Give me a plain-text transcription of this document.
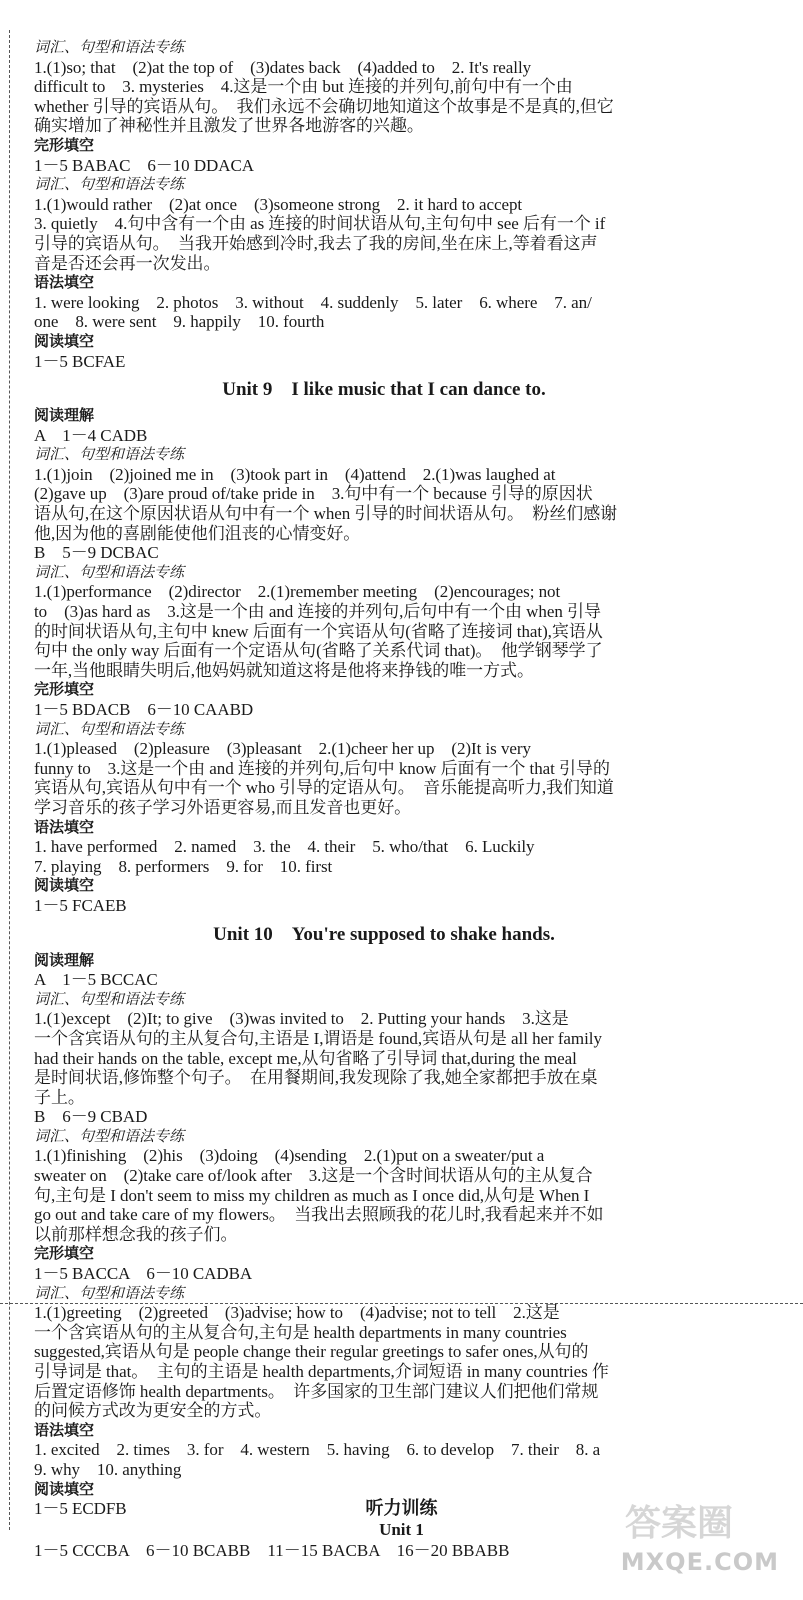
词汇、句型和语法专练
1.(1)so; that　(2)at the top of　(3)dates back　(4)added to　2. It's really
difficult to　3. mysteries　4.这是一个由 but 连接的并列句,前句中有一个由
whether 引导的宾语从句。　我们永远不会确切地知道这个故事是不是真的,但它
确实增加了神秘性并且激发了世界各地游客的兴趣。
完形填空
1－5 BABAC　6－10 DDACA
词汇、句型和语法专练
1.(1)would rather　(2)at once　(3)someone strong　2. it hard to accept
3. quietly　4.句中含有一个由 as 连接的时间状语从句,主句句中 see 后有一个 if
引导的宾语从句。　当我开始感到冷时,我去了我的房间,坐在床上,等着看这声
音是否还会再一次发出。
语法填空
1. were looking　2. photos　3. without　4. suddenly　5. later　6. where　7. an/
one　8. were sent　9. happily　10. fourth
阅读填空
1－5 BCFAE
Unit 9　I like music that I can dance to.
阅读理解
A　1－4 CADB
词汇、句型和语法专练
1.(1)join　(2)joined me in　(3)took part in　(4)attend　2.(1)was laughed at
(2)gave up　(3)are proud of/take pride in　3.句中有一个 because 引导的原因状
语从句,在这个原因状语从句中有一个 when 引导的时间状语从句。　粉丝们感谢
他,因为他的喜剧能使他们沮丧的心情变好。
B　5－9 DCBAC
词汇、句型和语法专练
1.(1)performance　(2)director　2.(1)remember meeting　(2)encourages; not
to　(3)as hard as　3.这是一个由 and 连接的并列句,后句中有一个由 when 引导
的时间状语从句,主句中 knew 后面有一个宾语从句(省略了连接词 that),宾语从
句中 the only way 后面有一个定语从句(省略了关系代词 that)。　他学钢琴学了
一年,当他眼睛失明后,他妈妈就知道这将是他将来挣钱的唯一方式。
完形填空
1－5 BDACB　6－10 CAABD
词汇、句型和语法专练
1.(1)pleased　(2)pleasure　(3)pleasant　2.(1)cheer her up　(2)It is very
funny to　3.这是一个由 and 连接的并列句,后句中 know 后面有一个 that 引导的
宾语从句,宾语从句中有一个 who 引导的定语从句。　音乐能提高听力,我们知道
学习音乐的孩子学习外语更容易,而且发音也更好。
语法填空
1. have performed　2. named　3. the　4. their　5. who/that　6. Luckily
7. playing　8. performers　9. for　10. first
阅读填空
1－5 FCAEB
Unit 10　You're supposed to shake hands.
阅读理解
A　1－5 BCCAC
词汇、句型和语法专练
1.(1)except　(2)It; to give　(3)was invited to　2. Putting your hands　3.这是
一个含宾语从句的主从复合句,主语是 I,谓语是 found,宾语从句是 all her family
had their hands on the table, except me,从句省略了引导词 that,during the meal
是时间状语,修饰整个句子。　在用餐期间,我发现除了我,她全家都把手放在桌
子上。
B　6－9 CBAD
词汇、句型和语法专练
1.(1)finishing　(2)his　(3)doing　(4)sending　2.(1)put on a sweater/put a
sweater on　(2)take care of/look after　3.这是一个含时间状语从句的主从复合
句,主句是 I don't seem to miss my children as much as I once did,从句是 When I
go out and take care of my flowers。　当我出去照顾我的花儿时,我看起来并不如
以前那样想念我的孩子们。
完形填空
1－5 BACCA　6－10 CADBA
词汇、句型和语法专练
1.(1)greeting　(2)greeted　(3)advise; how to　(4)advise; not to tell　2.这是
一个含宾语从句的主从复合句,主句是 health departments in many countries
suggested,宾语从句是 people change their regular greetings to safer ones,从句的
引导词是 that。　主句的主语是 health departments,介词短语 in many countries 作
后置定语修饰 health departments。　许多国家的卫生部门建议人们把他们常规
的问候方式改为更安全的方式。
语法填空
1. excited　2. times　3. for　4. western　5. having　6. to develop　7. their　8. a
9. why　10. anything
阅读填空
1－5 ECDFB	听力训练
Unit 1
1－5 CCCBA　6－10 BCABB　11－15 BACBA　16－20 BBABB
答案圈
MXQE.COM
